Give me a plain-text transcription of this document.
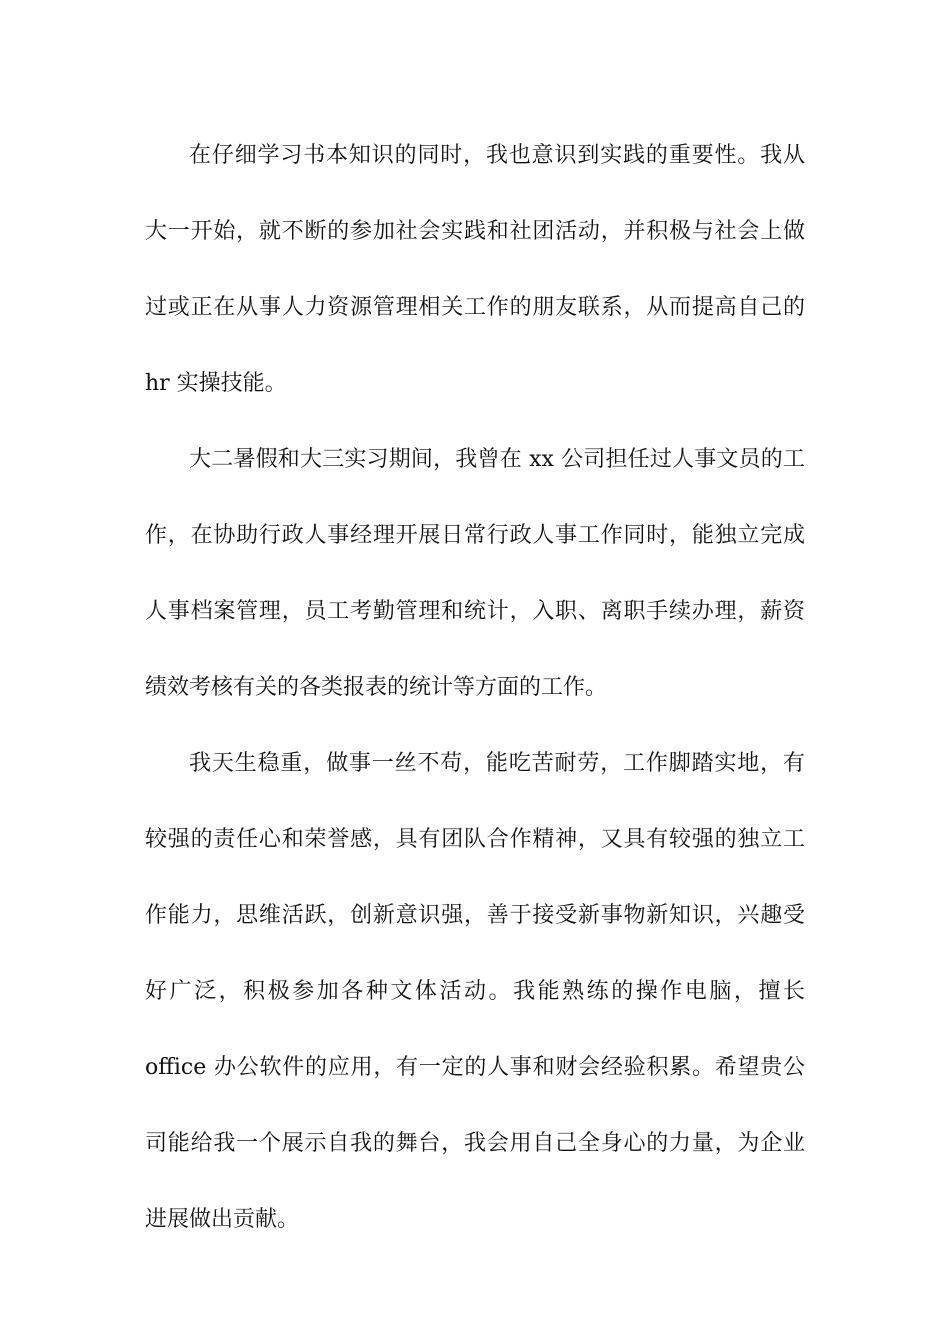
在仔细学习书本知识的同时，我也意识到实践的重要性。我从
大一开始，就不断的参加社会实践和社团活动，并积极与社会上做
过或正在从事人力资源管理相关工作的朋友联系，从而提高自己的
hr 实操技能。
大二暑假和大三实习期间，我曾在 xx 公司担任过人事文员的工
作，在协助行政人事经理开展日常行政人事工作同时，能独立完成
人事档案管理，员工考勤管理和统计，入职、离职手续办理，薪资
绩效考核有关的各类报表的统计等方面的工作。
我天生稳重，做事一丝不苟，能吃苦耐劳，工作脚踏实地，有
较强的责任心和荣誉感，具有团队合作精神，又具有较强的独立工
作能力，思维活跃，创新意识强，善于接受新事物新知识，兴趣受
好广泛，积极参加各种文体活动。我能熟练的操作电脑，擅长
office 办公软件的应用，有一定的人事和财会经验积累。希望贵公
司能给我一个展示自我的舞台，我会用自己全身心的力量，为企业
进展做出贡献。
